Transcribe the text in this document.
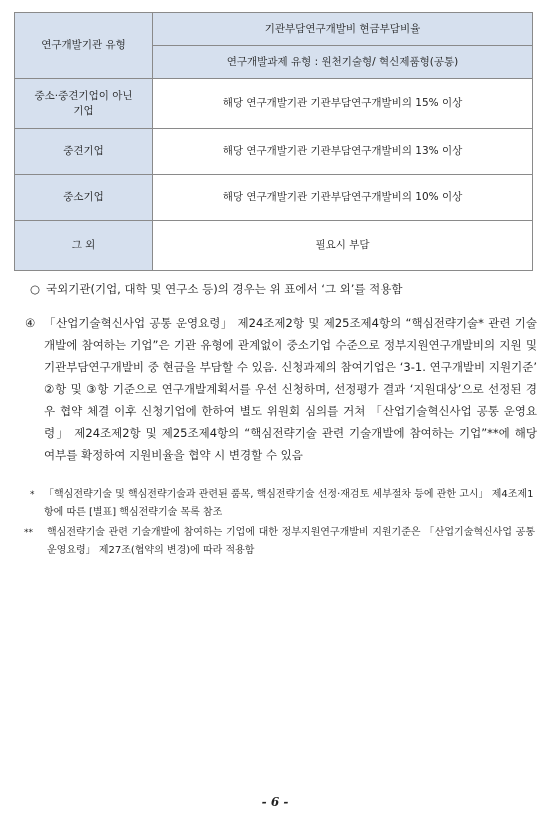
연구개발기관 유형	기관부담연구개발비 현금부담비율
	연구개발과제 유형 : 원천기술형/ 혁신제품형(공통)

중소·중견기업이 아닌
기업	해당 연구개발기관 기관부담연구개발비의 15% 이상
중견기업	해당 연구개발기관 기관부담연구개발비의 13% 이상
중소기업	해당 연구개발기관 기관부담연구개발비의 10% 이상
그 외	필요시 부담
○ 국외기관(기업, 대학 및 연구소 등)의 경우는 위 표에서 ‘그 외’를 적용함
④ 「산업기술혁신사업 공통 운영요령」 제24조제2항 및 제25조제4항의 “핵심전략기술* 관련 기술개발에 참여하는 기업”은 기관 유형에 관계없이 중소기업 수준으로 정부지원연구개발비의 지원 및 기관부담연구개발비 중 현금을 부담할 수 있음. 신청과제의 참여기업은 ‘3-1. 연구개발비 지원기준’ ②항 및 ③항 기준으로 연구개발계획서를 우선 신청하며, 선정평가 결과 ‘지원대상’으로 선정된 경우 협약 체결 이후 신청기업에 한하여 별도 위원회 심의를 거쳐 「산업기술혁신사업 공통 운영요령」 제24조제2항 및 제25조제4항의 “핵심전략기술 관련 기술개발에 참여하는 기업”**에 해당 여부를 확정하여 지원비율을 협약 시 변경할 수 있음
* 「핵심전략기술 및 핵심전략기술과 관련된 품목, 핵심전략기술 선정·재검토 세부절차 등에 관한 고시」 제4조제1항에 따른 [별표] 핵심전략기술 목록 참조
** 핵심전략기술 관련 기술개발에 참여하는 기업에 대한 정부지원연구개발비 지원기준은 「산업기술혁신사업 공통 운영요령」 제27조(협약의 변경)에 따라 적용함
- 6 -
